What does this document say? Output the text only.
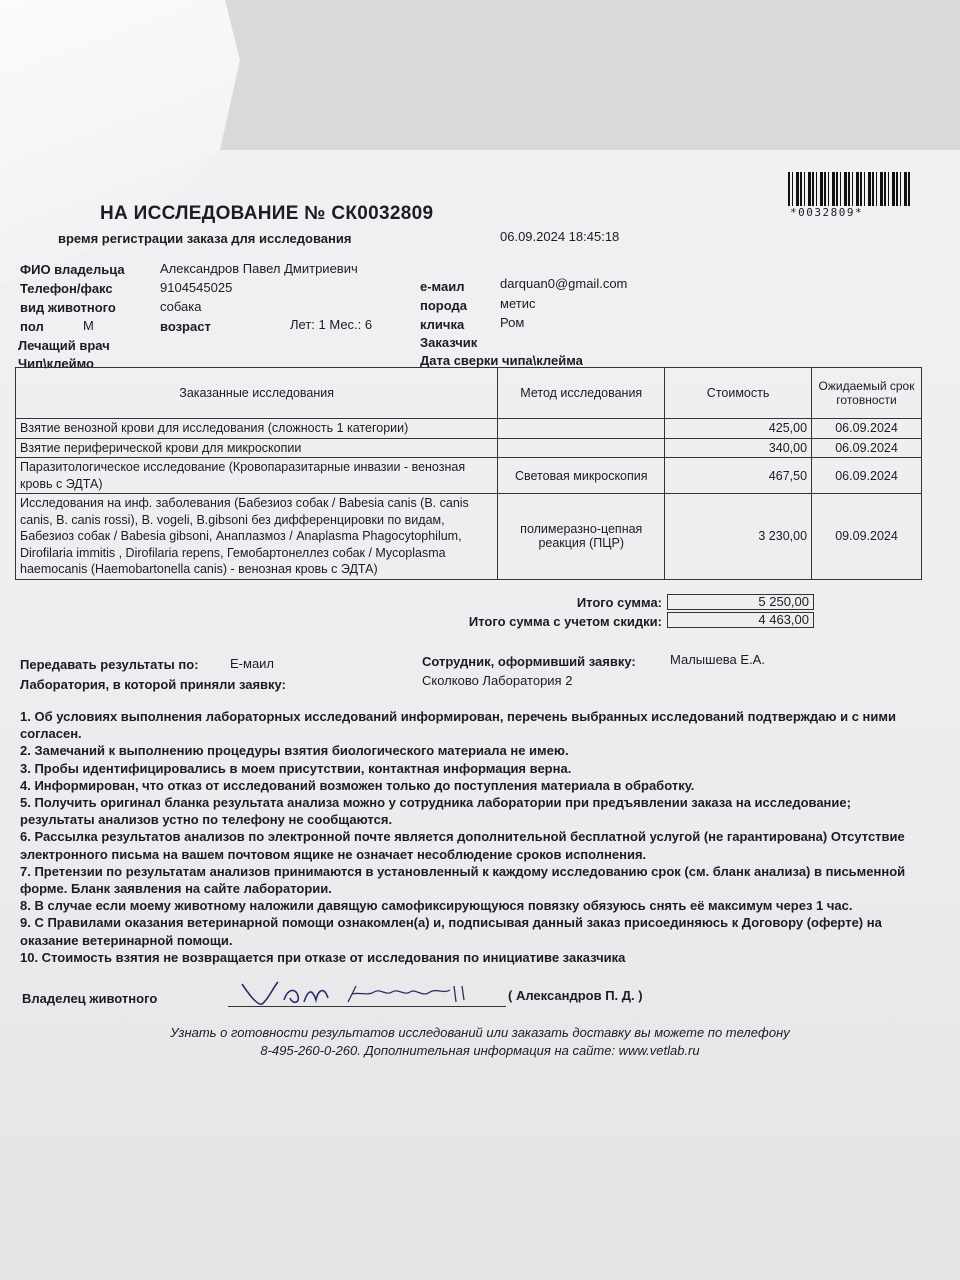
НА ИССЛЕДОВАНИЕ № СК0032809	*0032809*
время регистрации заказа для исследования	06.09.2024 18:45:18
ФИО владельца	Александров Павел Дмитриевич
Телефон/факс	9104545025
вид животного	собака
пол	М	возраст	Лет: 1 Мес.: 6
Лечащий врач
Чип\клеймо
е-маил	darquan0@gmail.com
порода	метис
кличка	Ром
Заказчик
Дата сверки чипа\клейма
Заказанные исследования	Метод исследования	Стоимость	Ожидаемый срок готовности
Взятие венозной крови для исследования (сложность 1 категории)		425,00	06.09.2024
Взятие периферической крови для микроскопии		340,00	06.09.2024
Паразитологическое исследование (Кровопаразитарные инвазии - венозная кровь с ЭДТА)	Световая микроскопия	467,50	06.09.2024
Исследования на инф. заболевания (Бабезиоз собак / Babesia canis (B. canis canis, B. canis rossi), B. vogeli, B.gibsoni без дифференцировки по видам, Бабезиоз собак / Babesia gibsoni, Анаплазмоз / Anaplasma Phagocytophilum, Dirofilaria immitis , Dirofilaria repens, Гемобартонеллез собак / Mycoplasma haemocanis (Haemobartonella canis) - венозная кровь с ЭДТА)	полимеразно-цепная реакция (ПЦР)	3 230,00	09.09.2024
Итого сумма:	5 250,00
Итого сумма с учетом скидки:	4 463,00
Передавать результаты по: Е-маил
Лаборатория, в которой приняли заявку:
Сотрудник, оформивший заявку:	Малышева Е.А.
Сколково Лаборатория 2
1. Об условиях выполнения лабораторных исследований информирован, перечень выбранных исследований подтверждаю и с ними согласен.
2. Замечаний к выполнению процедуры взятия биологического материала не имею.
3. Пробы идентифицировались в моем присутствии, контактная информация верна.
4. Информирован, что отказ от исследований возможен только до поступления материала в обработку.
5. Получить оригинал бланка результата анализа можно у сотрудника лаборатории при предъявлении заказа на исследование; результаты анализов устно по телефону не сообщаются.
6. Рассылка результатов анализов по электронной почте является дополнительной бесплатной услугой (не гарантирована) Отсутствие электронного письма на вашем почтовом ящике не означает несоблюдение сроков исполнения.
7. Претензии по результатам анализов принимаются в установленный к каждому исследованию срок (см. бланк анализа) в письменной форме. Бланк заявления на сайте лаборатории.
8. В случае если моему животному наложили давящую самофиксирующуюся повязку обязуюсь снять её максимум через 1 час.
9. С Правилами оказания ветеринарной помощи ознакомлен(а) и, подписывая данный заказ присоединяюсь к Договору (оферте) на оказание ветеринарной помощи.
10. Стоимость взятия не возвращается при отказе от исследования по инициативе заказчика
Владелец животного	( Александров П. Д. )
Узнать о готовности результатов исследований или заказать доставку вы можете по телефону
8-495-260-0-260. Дополнительная информация на сайте: www.vetlab.ru
